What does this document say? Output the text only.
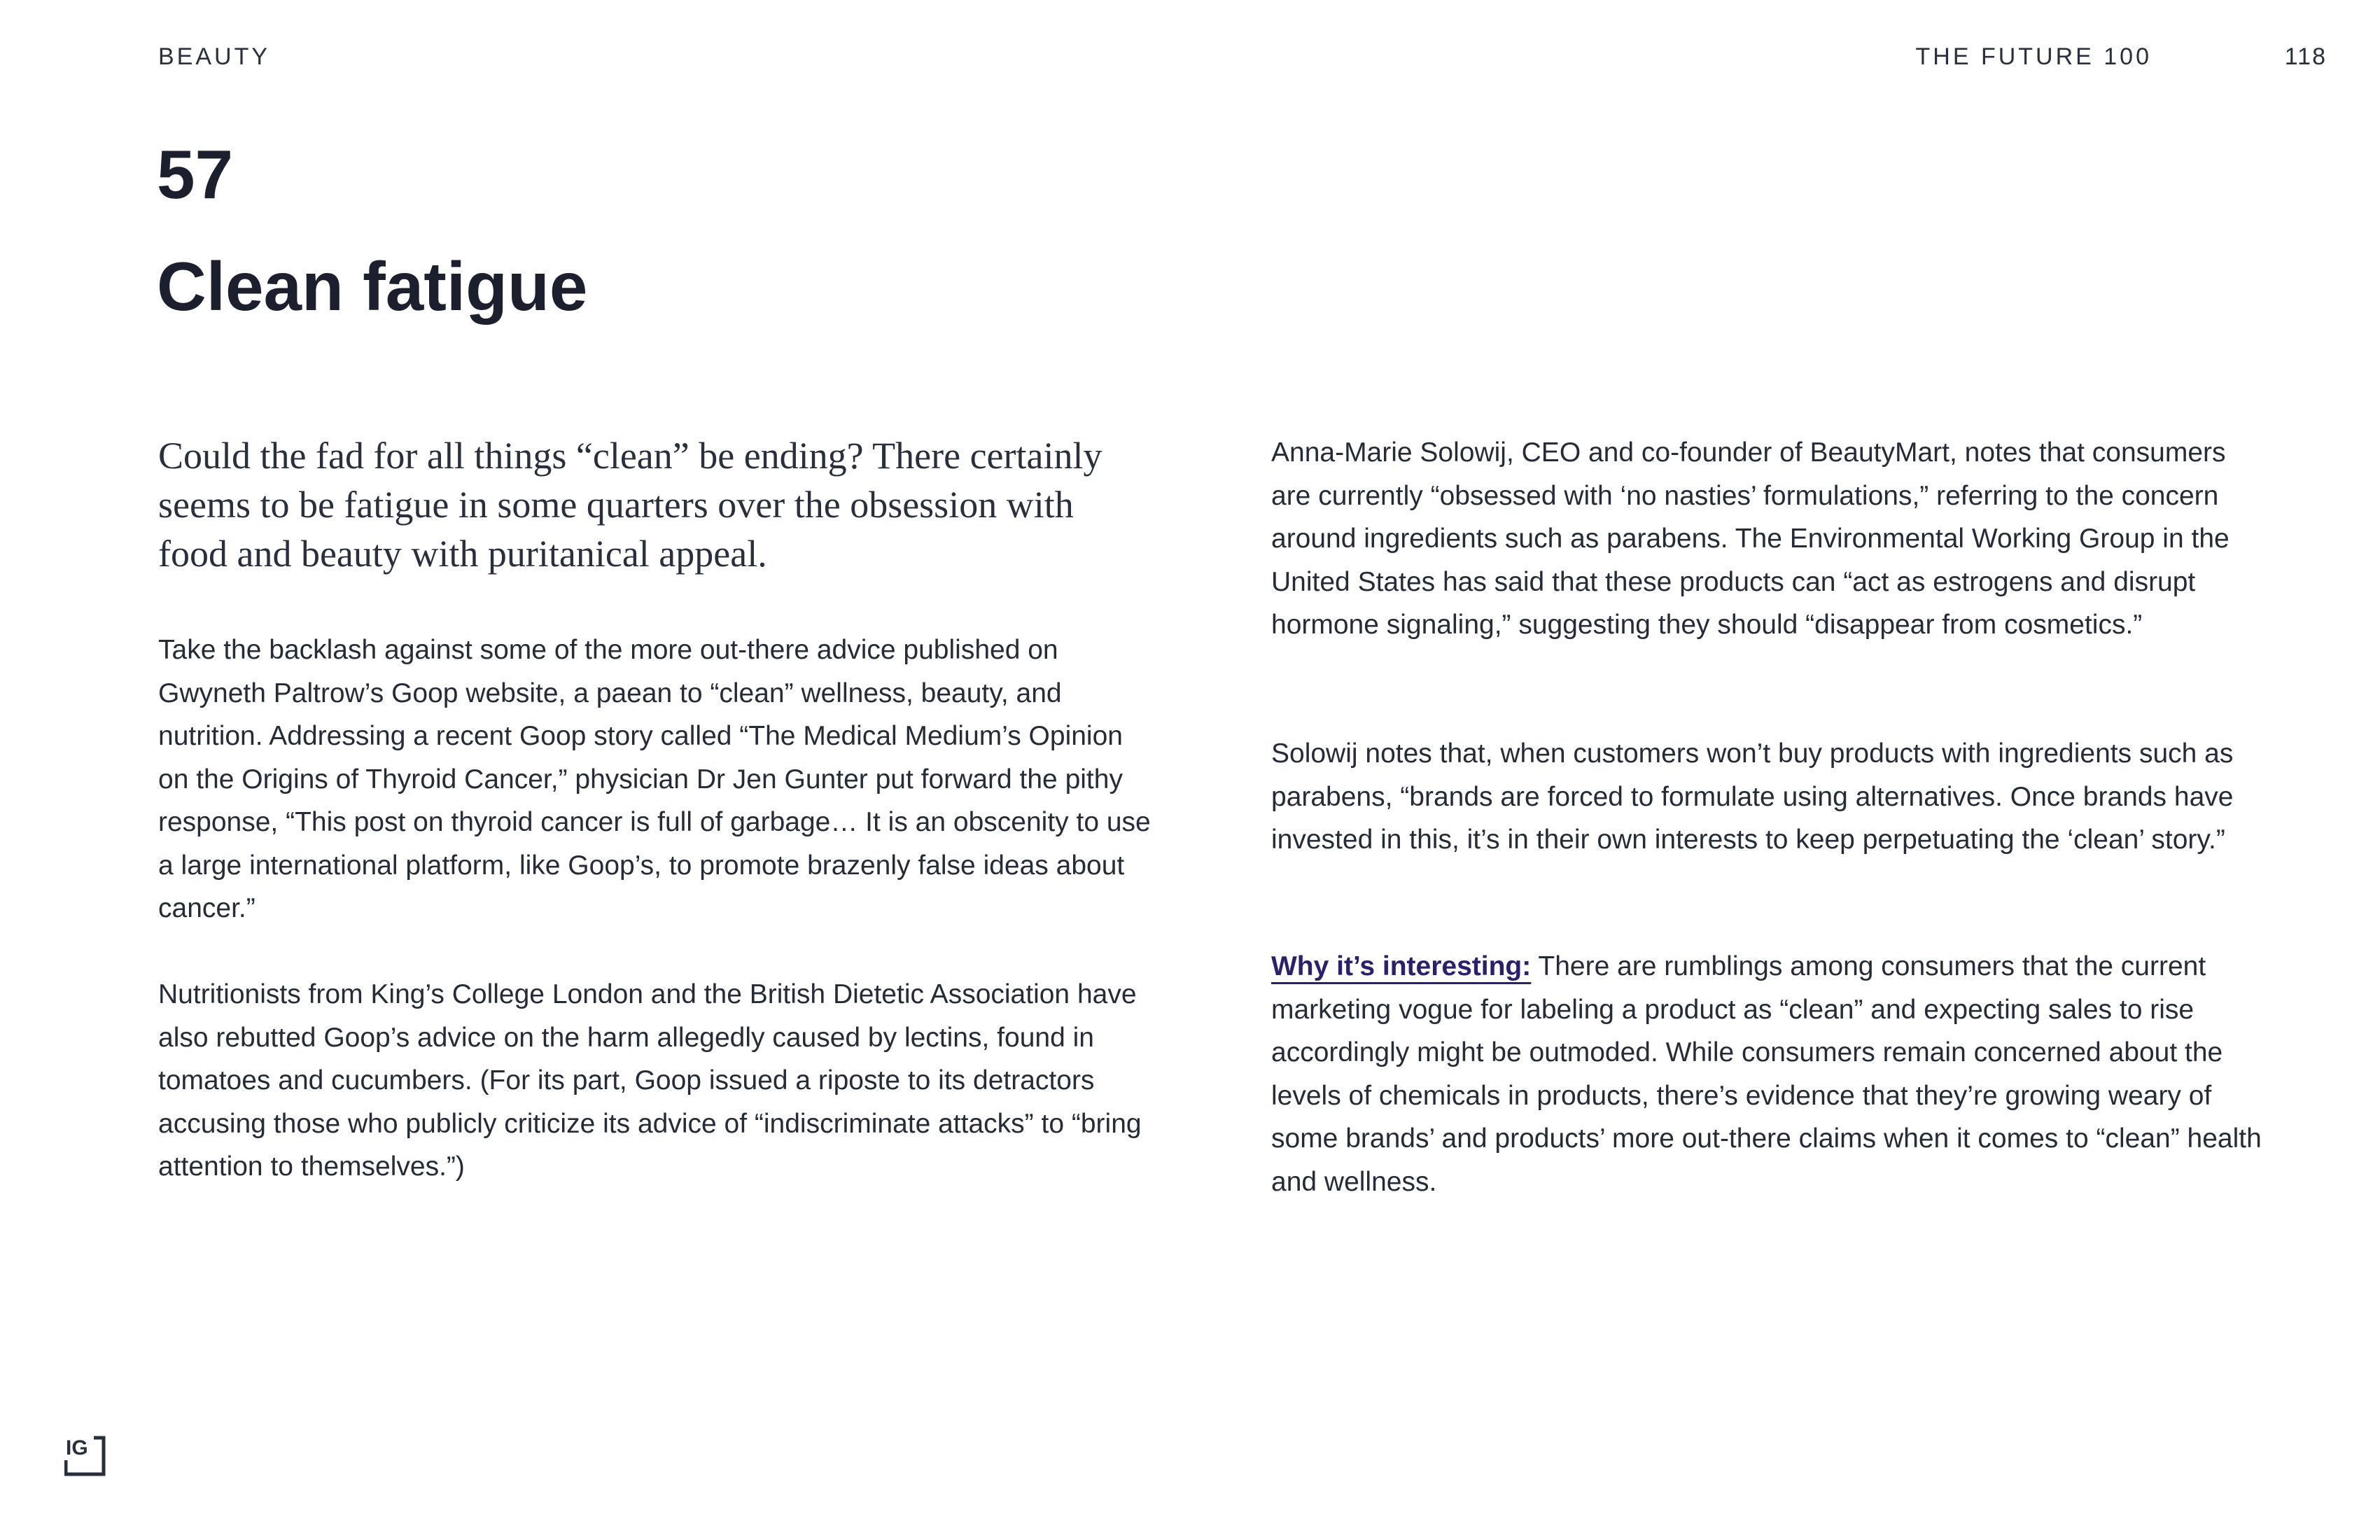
BEAUTY	THE FUTURE 100	118
57
Clean fatigue

Could the fad for all things “clean” be ending? There certainly seems to be fatigue in some quarters over the obsession with food and beauty with puritanical appeal.

Take the backlash against some of the more out-there advice published on Gwyneth Paltrow’s Goop website, a paean to “clean” wellness, beauty, and nutrition. Addressing a recent Goop story called “The Medical Medium’s Opinion on the Origins of Thyroid Cancer,” physician Dr Jen Gunter put forward the pithy response, “This post on thyroid cancer is full of garbage… It is an obscenity to use a large international platform, like Goop’s, to promote brazenly false ideas about cancer.”

Nutritionists from King’s College London and the British Dietetic Association have also rebutted Goop’s advice on the harm allegedly caused by lectins, found in tomatoes and cucumbers. (For its part, Goop issued a riposte to its detractors accusing those who publicly criticize its advice of “indiscriminate attacks” to “bring attention to themselves.”)

Anna-Marie Solowij, CEO and co-founder of BeautyMart, notes that consumers are currently “obsessed with ‘no nasties’ formulations,” referring to the concern around ingredients such as parabens. The Environmental Working Group in the United States has said that these products can “act as estrogens and disrupt hormone signaling,” suggesting they should “disappear from cosmetics.”

Solowij notes that, when customers won’t buy products with ingredients such as parabens, “brands are forced to formulate using alternatives. Once brands have invested in this, it’s in their own interests to keep perpetuating the ‘clean’ story.”

Why it’s interesting: There are rumblings among consumers that the current marketing vogue for labeling a product as “clean” and expecting sales to rise accordingly might be outmoded. While consumers remain concerned about the levels of chemicals in products, there’s evidence that they’re growing weary of some brands’ and products’ more out-there claims when it comes to “clean” health and wellness.

IG
